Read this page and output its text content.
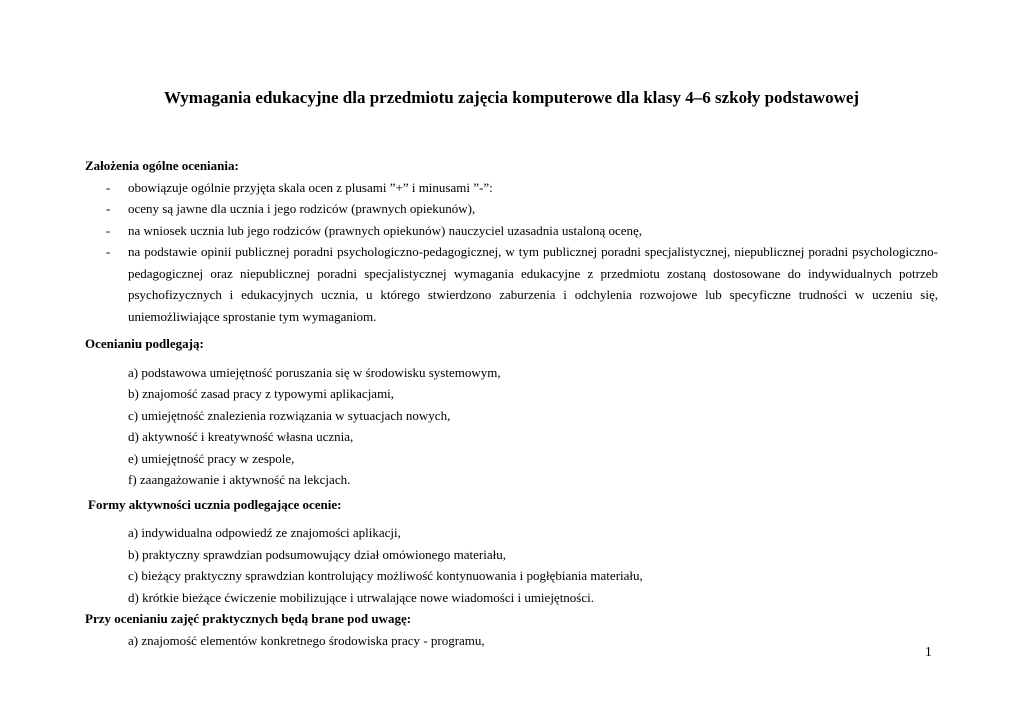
Wymagania edukacyjne dla przedmiotu zajęcia komputerowe dla klasy 4–6 szkoły podstawowej
Założenia ogólne oceniania:

- obowiązuje ogólnie przyjęta skala ocen z plusami ”+” i minusami ”-”:

- oceny są jawne dla ucznia i jego rodziców (prawnych opiekunów),

- na wniosek ucznia lub jego rodziców (prawnych opiekunów) nauczyciel uzasadnia ustaloną ocenę,

- na podstawie opinii publicznej poradni psychologiczno-pedagogicznej, w tym publicznej poradni specjalistycznej, niepublicznej poradni psychologiczno-pedagogicznej oraz niepublicznej poradni specjalistycznej wymagania edukacyjne z przedmiotu zostaną dostosowane do indywidualnych potrzeb psychofizycznych i edukacyjnych ucznia, u którego stwierdzono zaburzenia i odchylenia rozwojowe lub specyficzne trudności w uczeniu się, uniemożliwiające sprostanie tym wymaganiom.

Ocenianiu podlegają:

a) podstawowa umiejętność poruszania się w środowisku systemowym,

b) znajomość zasad pracy z typowymi aplikacjami,

c) umiejętność znalezienia rozwiązania w sytuacjach nowych,

d) aktywność i kreatywność własna ucznia,

e) umiejętność pracy w zespole,

f) zaangażowanie i aktywność na lekcjach.

Formy aktywności ucznia podlegające ocenie:

a) indywidualna odpowiedź ze znajomości aplikacji,

b) praktyczny sprawdzian podsumowujący dział omówionego materiału,

c) bieżący praktyczny sprawdzian kontrolujący możliwość kontynuowania i pogłębiania materiału,

d) krótkie bieżące ćwiczenie mobilizujące i utrwalające nowe wiadomości i umiejętności.

Przy ocenianiu zajęć praktycznych będą brane pod uwagę:

a) znajomość elementów konkretnego środowiska pracy - programu,

1
